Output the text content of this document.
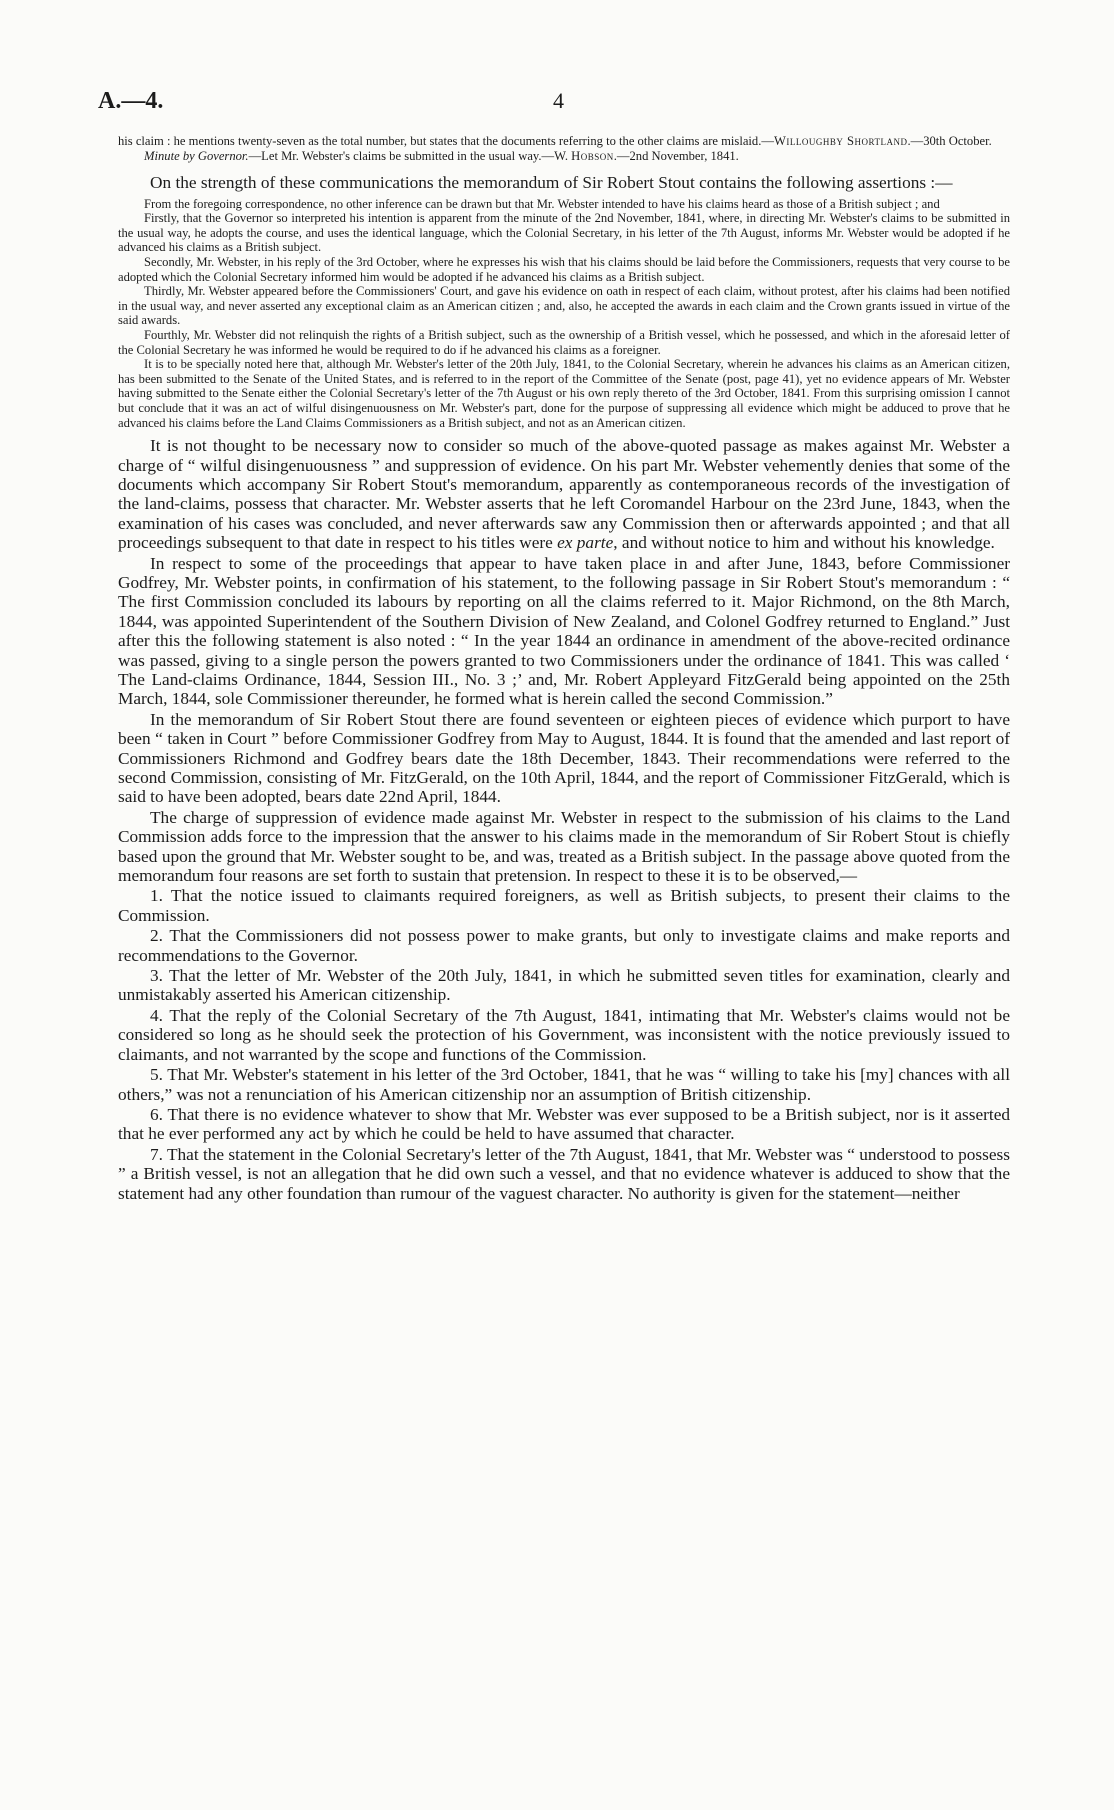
A.—4.	4

his claim : he mentions twenty-seven as the total number, but states that the documents referring to the other claims are mislaid.—Willoughby Shortland.—30th October.

Minute by Governor.—Let Mr. Webster's claims be submitted in the usual way.—W. Hobson.—2nd November, 1841.

On the strength of these communications the memorandum of Sir Robert Stout contains the following assertions :—

From the foregoing correspondence, no other inference can be drawn but that Mr. Webster intended to have his claims heard as those of a British subject ; and

Firstly, that the Governor so interpreted his intention is apparent from the minute of the 2nd November, 1841, where, in directing Mr. Webster's claims to be submitted in the usual way, he adopts the course, and uses the identical language, which the Colonial Secretary, in his letter of the 7th August, informs Mr. Webster would be adopted if he advanced his claims as a British subject.

Secondly, Mr. Webster, in his reply of the 3rd October, where he expresses his wish that his claims should be laid before the Commissioners, requests that very course to be adopted which the Colonial Secretary informed him would be adopted if he advanced his claims as a British subject.

Thirdly, Mr. Webster appeared before the Commissioners' Court, and gave his evidence on oath in respect of each claim, without protest, after his claims had been notified in the usual way, and never asserted any exceptional claim as an American citizen ; and, also, he accepted the awards in each claim and the Crown grants issued in virtue of the said awards.

Fourthly, Mr. Webster did not relinquish the rights of a British subject, such as the ownership of a British vessel, which he possessed, and which in the aforesaid letter of the Colonial Secretary he was informed he would be required to do if he advanced his claims as a foreigner.

It is to be specially noted here that, although Mr. Webster's letter of the 20th July, 1841, to the Colonial Secretary, wherein he advances his claims as an American citizen, has been submitted to the Senate of the United States, and is referred to in the report of the Committee of the Senate (post, page 41), yet no evidence appears of Mr. Webster having submitted to the Senate either the Colonial Secretary's letter of the 7th August or his own reply thereto of the 3rd October, 1841. From this surprising omission I cannot but conclude that it was an act of wilful disingenuousness on Mr. Webster's part, done for the purpose of suppressing all evidence which might be adduced to prove that he advanced his claims before the Land Claims Commissioners as a British subject, and not as an American citizen.

It is not thought to be necessary now to consider so much of the above-quoted passage as makes against Mr. Webster a charge of “ wilful disingenuousness ” and suppression of evidence. On his part Mr. Webster vehemently denies that some of the documents which accompany Sir Robert Stout's memorandum, apparently as contemporaneous records of the investigation of the land-claims, possess that character. Mr. Webster asserts that he left Coromandel Harbour on the 23rd June, 1843, when the examination of his cases was concluded, and never afterwards saw any Commission then or afterwards appointed ; and that all proceedings subsequent to that date in respect to his titles were ex parte, and without notice to him and without his knowledge.

In respect to some of the proceedings that appear to have taken place in and after June, 1843, before Commissioner Godfrey, Mr. Webster points, in confirmation of his statement, to the following passage in Sir Robert Stout's memorandum : “ The first Commission concluded its labours by reporting on all the claims referred to it. Major Richmond, on the 8th March, 1844, was appointed Superintendent of the Southern Division of New Zealand, and Colonel Godfrey returned to England.” Just after this the following statement is also noted : “ In the year 1844 an ordinance in amendment of the above-recited ordinance was passed, giving to a single person the powers granted to two Commissioners under the ordinance of 1841. This was called ‘ The Land-claims Ordinance, 1844, Session III., No. 3 ;’ and, Mr. Robert Appleyard FitzGerald being appointed on the 25th March, 1844, sole Commissioner thereunder, he formed what is herein called the second Commission.”

In the memorandum of Sir Robert Stout there are found seventeen or eighteen pieces of evidence which purport to have been “ taken in Court ” before Commissioner Godfrey from May to August, 1844. It is found that the amended and last report of Commissioners Richmond and Godfrey bears date the 18th December, 1843. Their recommendations were referred to the second Commission, consisting of Mr. FitzGerald, on the 10th April, 1844, and the report of Commissioner FitzGerald, which is said to have been adopted, bears date 22nd April, 1844.

The charge of suppression of evidence made against Mr. Webster in respect to the submission of his claims to the Land Commission adds force to the impression that the answer to his claims made in the memorandum of Sir Robert Stout is chiefly based upon the ground that Mr. Webster sought to be, and was, treated as a British subject. In the passage above quoted from the memorandum four reasons are set forth to sustain that pretension. In respect to these it is to be observed,—

1. That the notice issued to claimants required foreigners, as well as British subjects, to present their claims to the Commission.

2. That the Commissioners did not possess power to make grants, but only to investigate claims and make reports and recommendations to the Governor.

3. That the letter of Mr. Webster of the 20th July, 1841, in which he submitted seven titles for examination, clearly and unmistakably asserted his American citizenship.

4. That the reply of the Colonial Secretary of the 7th August, 1841, intimating that Mr. Webster's claims would not be considered so long as he should seek the protection of his Government, was inconsistent with the notice previously issued to claimants, and not warranted by the scope and functions of the Commission.

5. That Mr. Webster's statement in his letter of the 3rd October, 1841, that he was “ willing to take his [my] chances with all others,” was not a renunciation of his American citizenship nor an assumption of British citizenship.

6. That there is no evidence whatever to show that Mr. Webster was ever supposed to be a British subject, nor is it asserted that he ever performed any act by which he could be held to have assumed that character.

7. That the statement in the Colonial Secretary's letter of the 7th August, 1841, that Mr. Webster was “ understood to possess ” a British vessel, is not an allegation that he did own such a vessel, and that no evidence whatever is adduced to show that the statement had any other foundation than rumour of the vaguest character. No authority is given for the statement—neither
